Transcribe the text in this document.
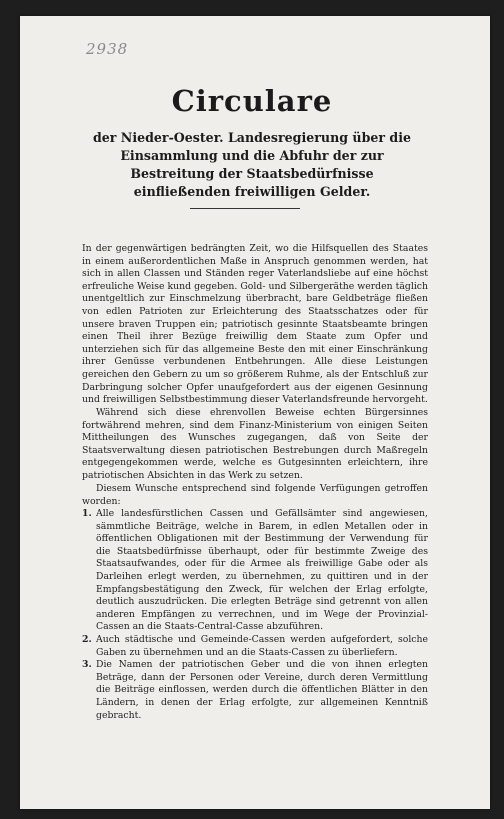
2938
Circulare
der Nieder-Oester. Landesregierung über die Einsammlung und die Abfuhr der zur Bestreitung der Staatsbedürfnisse einfließenden freiwilligen Gelder.
In der gegenwärtigen bedrängten Zeit, wo die Hilfsquellen des Staates in einem außerordentlichen Maße in Anspruch genommen werden, hat sich in allen Classen und Ständen reger Vaterlandsliebe auf eine höchst erfreuliche Weise kund gegeben. Gold- und Silbergeräthe werden täglich unentgeltlich zur Einschmelzung überbracht, bare Geldbeträge fließen von edlen Patrioten zur Erleichterung des Staatsschatzes oder für unsere braven Truppen ein; patriotisch gesinnte Staatsbeamte bringen einen Theil ihrer Bezüge freiwillig dem Staate zum Opfer und unterziehen sich für das allgemeine Beste den mit einer Einschränkung ihrer Genüsse verbundenen Entbehrungen. Alle diese Leistungen gereichen den Gebern zu um so größerem Ruhme, als der Entschluß zur Darbringung solcher Opfer unaufgefordert aus der eigenen Gesinnung und freiwilligen Selbstbestimmung dieser Vaterlandsfreunde hervorgeht.
Während sich diese ehrenvollen Beweise echten Bürgersinnes fortwährend mehren, sind dem Finanz-Ministerium von einigen Seiten Mittheilungen des Wunsches zugegangen, daß von Seite der Staatsverwaltung diesen patriotischen Bestrebungen durch Maßregeln entgegengekommen werde, welche es Gutgesinnten erleichtern, ihre patriotischen Absichten in das Werk zu setzen.
Diesem Wunsche entsprechend sind folgende Verfügungen getroffen worden:
1. Alle landesfürstlichen Cassen und Gefällsämter sind angewiesen, sämmtliche Beiträge, welche in Barem, in edlen Metallen oder in öffentlichen Obligationen mit der Bestimmung der Verwendung für die Staatsbedürfnisse überhaupt, oder für bestimmte Zweige des Staatsaufwandes, oder für die Armee als freiwillige Gabe oder als Darleihen erlegt werden, zu übernehmen, zu quittiren und in der Empfangsbestätigung den Zweck, für welchen der Erlag erfolgte, deutlich auszudrücken. Die erlegten Beträge sind getrennt von allen anderen Empfängen zu verrechnen, und im Wege der Provinzial-Cassen an die Staats-Central-Casse abzuführen.
2. Auch städtische und Gemeinde-Cassen werden aufgefordert, solche Gaben zu übernehmen und an die Staats-Cassen zu überliefern.
3. Die Namen der patriotischen Geber und die von ihnen erlegten Beträge, dann der Personen oder Vereine, durch deren Vermittlung die Beiträge einflossen, werden durch die öffentlichen Blätter in den Ländern, in denen der Erlag erfolgte, zur allgemeinen Kenntniß gebracht.
